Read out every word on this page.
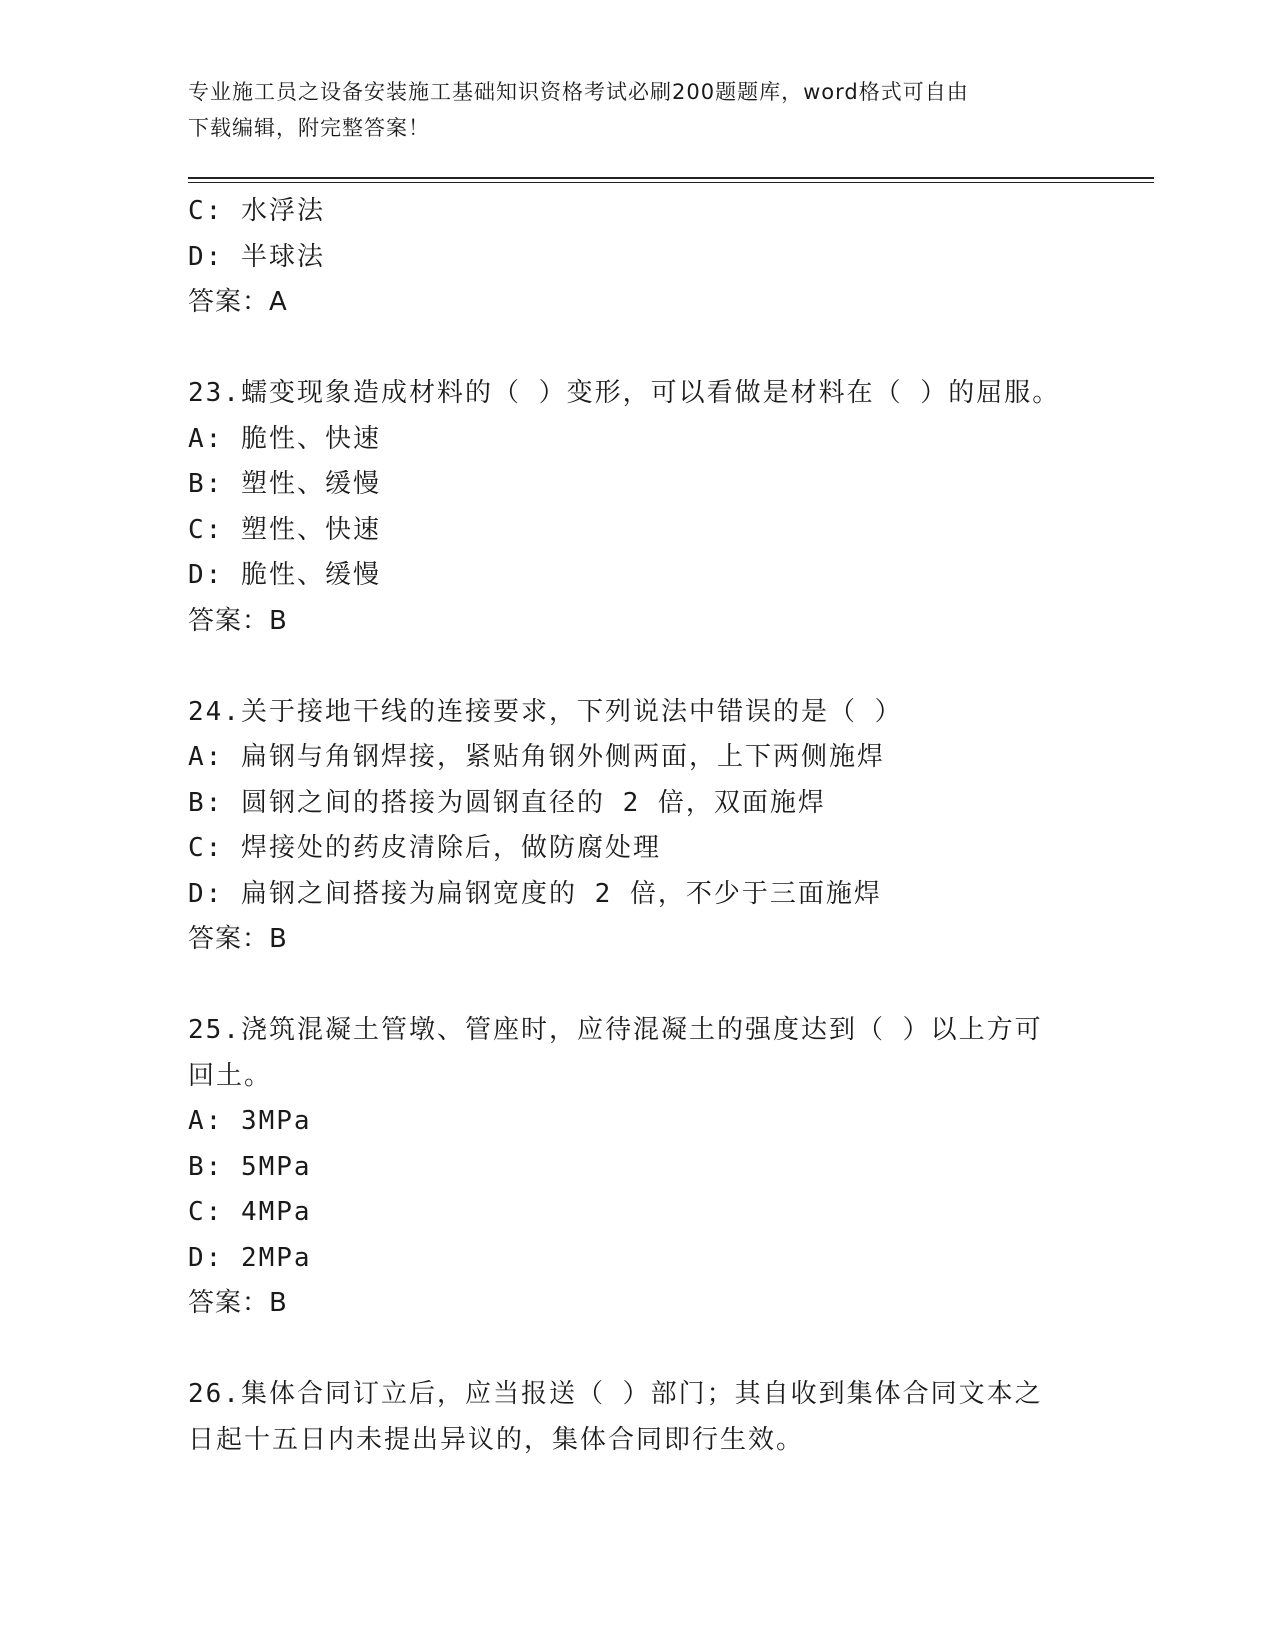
专业施工员之设备安装施工基础知识资格考试必刷200题题库，word格式可自由
下载编辑，附完整答案！
C: 水浮法
D: 半球法
答案：A
23.蠕变现象造成材料的（ ）变形，可以看做是材料在（ ）的屈服。
A: 脆性、快速
B: 塑性、缓慢
C: 塑性、快速
D: 脆性、缓慢
答案：B
24.关于接地干线的连接要求，下列说法中错误的是（ ）
A: 扁钢与角钢焊接，紧贴角钢外侧两面，上下两侧施焊
B: 圆钢之间的搭接为圆钢直径的 2 倍，双面施焊
C: 焊接处的药皮清除后，做防腐处理
D: 扁钢之间搭接为扁钢宽度的 2 倍，不少于三面施焊
答案：B
25.浇筑混凝土管墩、管座时，应待混凝土的强度达到（ ）以上方可
回土。
A: 3MPa
B: 5MPa
C: 4MPa
D: 2MPa
答案：B
26.集体合同订立后，应当报送（ ）部门；其自收到集体合同文本之
日起十五日内未提出异议的，集体合同即行生效。
